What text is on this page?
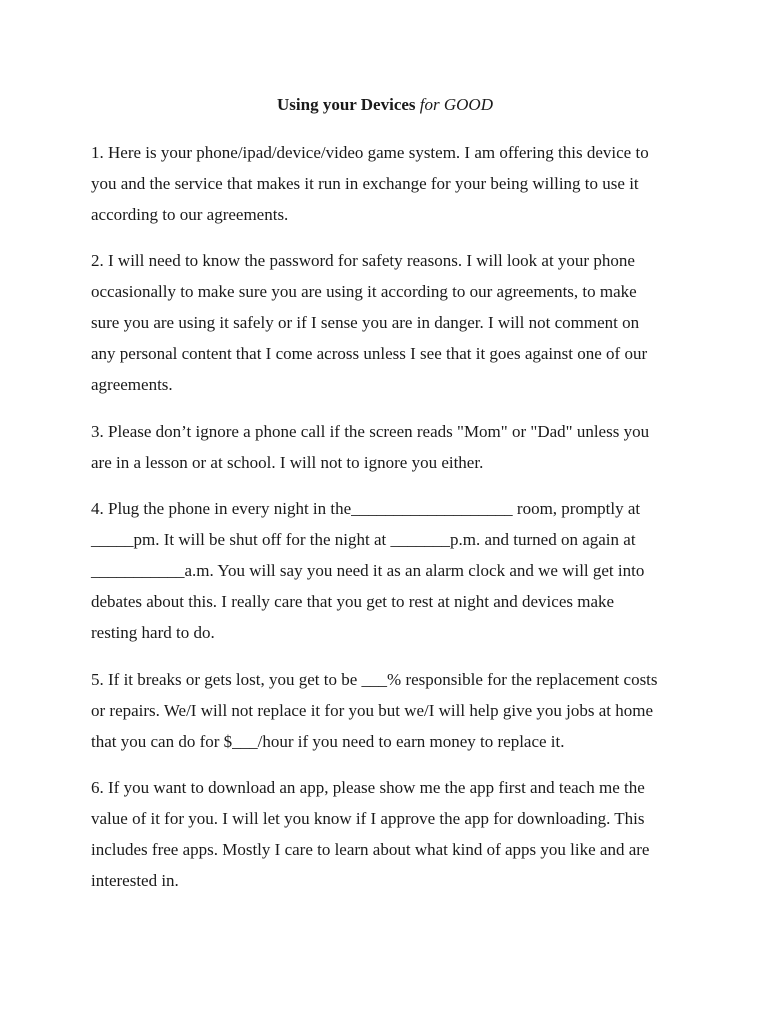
Using your Devices for GOOD

1. Here is your phone/ipad/device/video game system. I am offering this device to
you and the service that makes it run in exchange for your being willing to use it
according to our agreements.

2. I will need to know the password for safety reasons. I will look at your phone
occasionally to make sure you are using it according to our agreements, to make
sure you are using it safely or if I sense you are in danger. I will not comment on
any personal content that I come across unless I see that it goes against one of our
agreements.

3. Please don’t ignore a phone call if the screen reads "Mom" or "Dad" unless you
are in a lesson or at school. I will not to ignore you either.

4. Plug the phone in every night in the___________________ room, promptly at
_____pm. It will be shut off for the night at _______p.m. and turned on again at
___________a.m. You will say you need it as an alarm clock and we will get into
debates about this. I really care that you get to rest at night and devices make
resting hard to do.

5. If it breaks or gets lost, you get to be ___% responsible for the replacement costs
or repairs. We/I will not replace it for you but we/I will help give you jobs at home
that you can do for $___/hour if you need to earn money to replace it.

6. If you want to download an app, please show me the app first and teach me the
value of it for you. I will let you know if I approve the app for downloading. This
includes free apps. Mostly I care to learn about what kind of apps you like and are
interested in.
